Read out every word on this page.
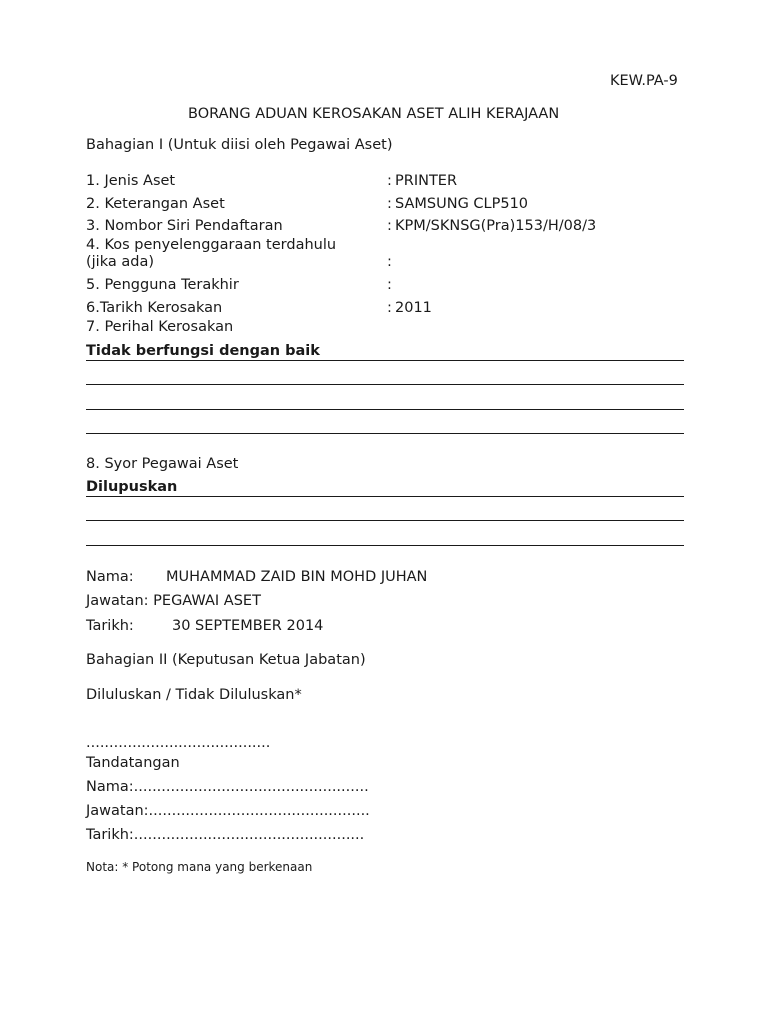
KEW.PA-9
BORANG ADUAN KEROSAKAN ASET ALIH KERAJAAN
Bahagian I (Untuk diisi oleh Pegawai Aset)
1. Jenis Aset	: PRINTER
2. Keterangan Aset	: SAMSUNG CLP510
3. Nombor Siri Pendaftaran	: KPM/SKNSG(Pra)153/H/08/3
4. Kos penyelenggaraan terdahulu
(jika ada)	:
5. Pengguna Terakhir	:
6.Tarikh Kerosakan	: 2011
7. Perihal Kerosakan
Tidak berfungsi dengan baik
8. Syor Pegawai Aset
Dilupuskan
Nama: MUHAMMAD ZAID BIN MOHD JUHAN
Jawatan: PEGAWAI ASET
Tarikh:	30 SEPTEMBER 2014
Bahagian II (Keputusan Ketua Jabatan)
Diluluskan / Tidak Diluluskan*
........................................
Tandatangan
Nama:...................................................
Jawatan:................................................
Tarikh:..................................................
Nota: * Potong mana yang berkenaan
